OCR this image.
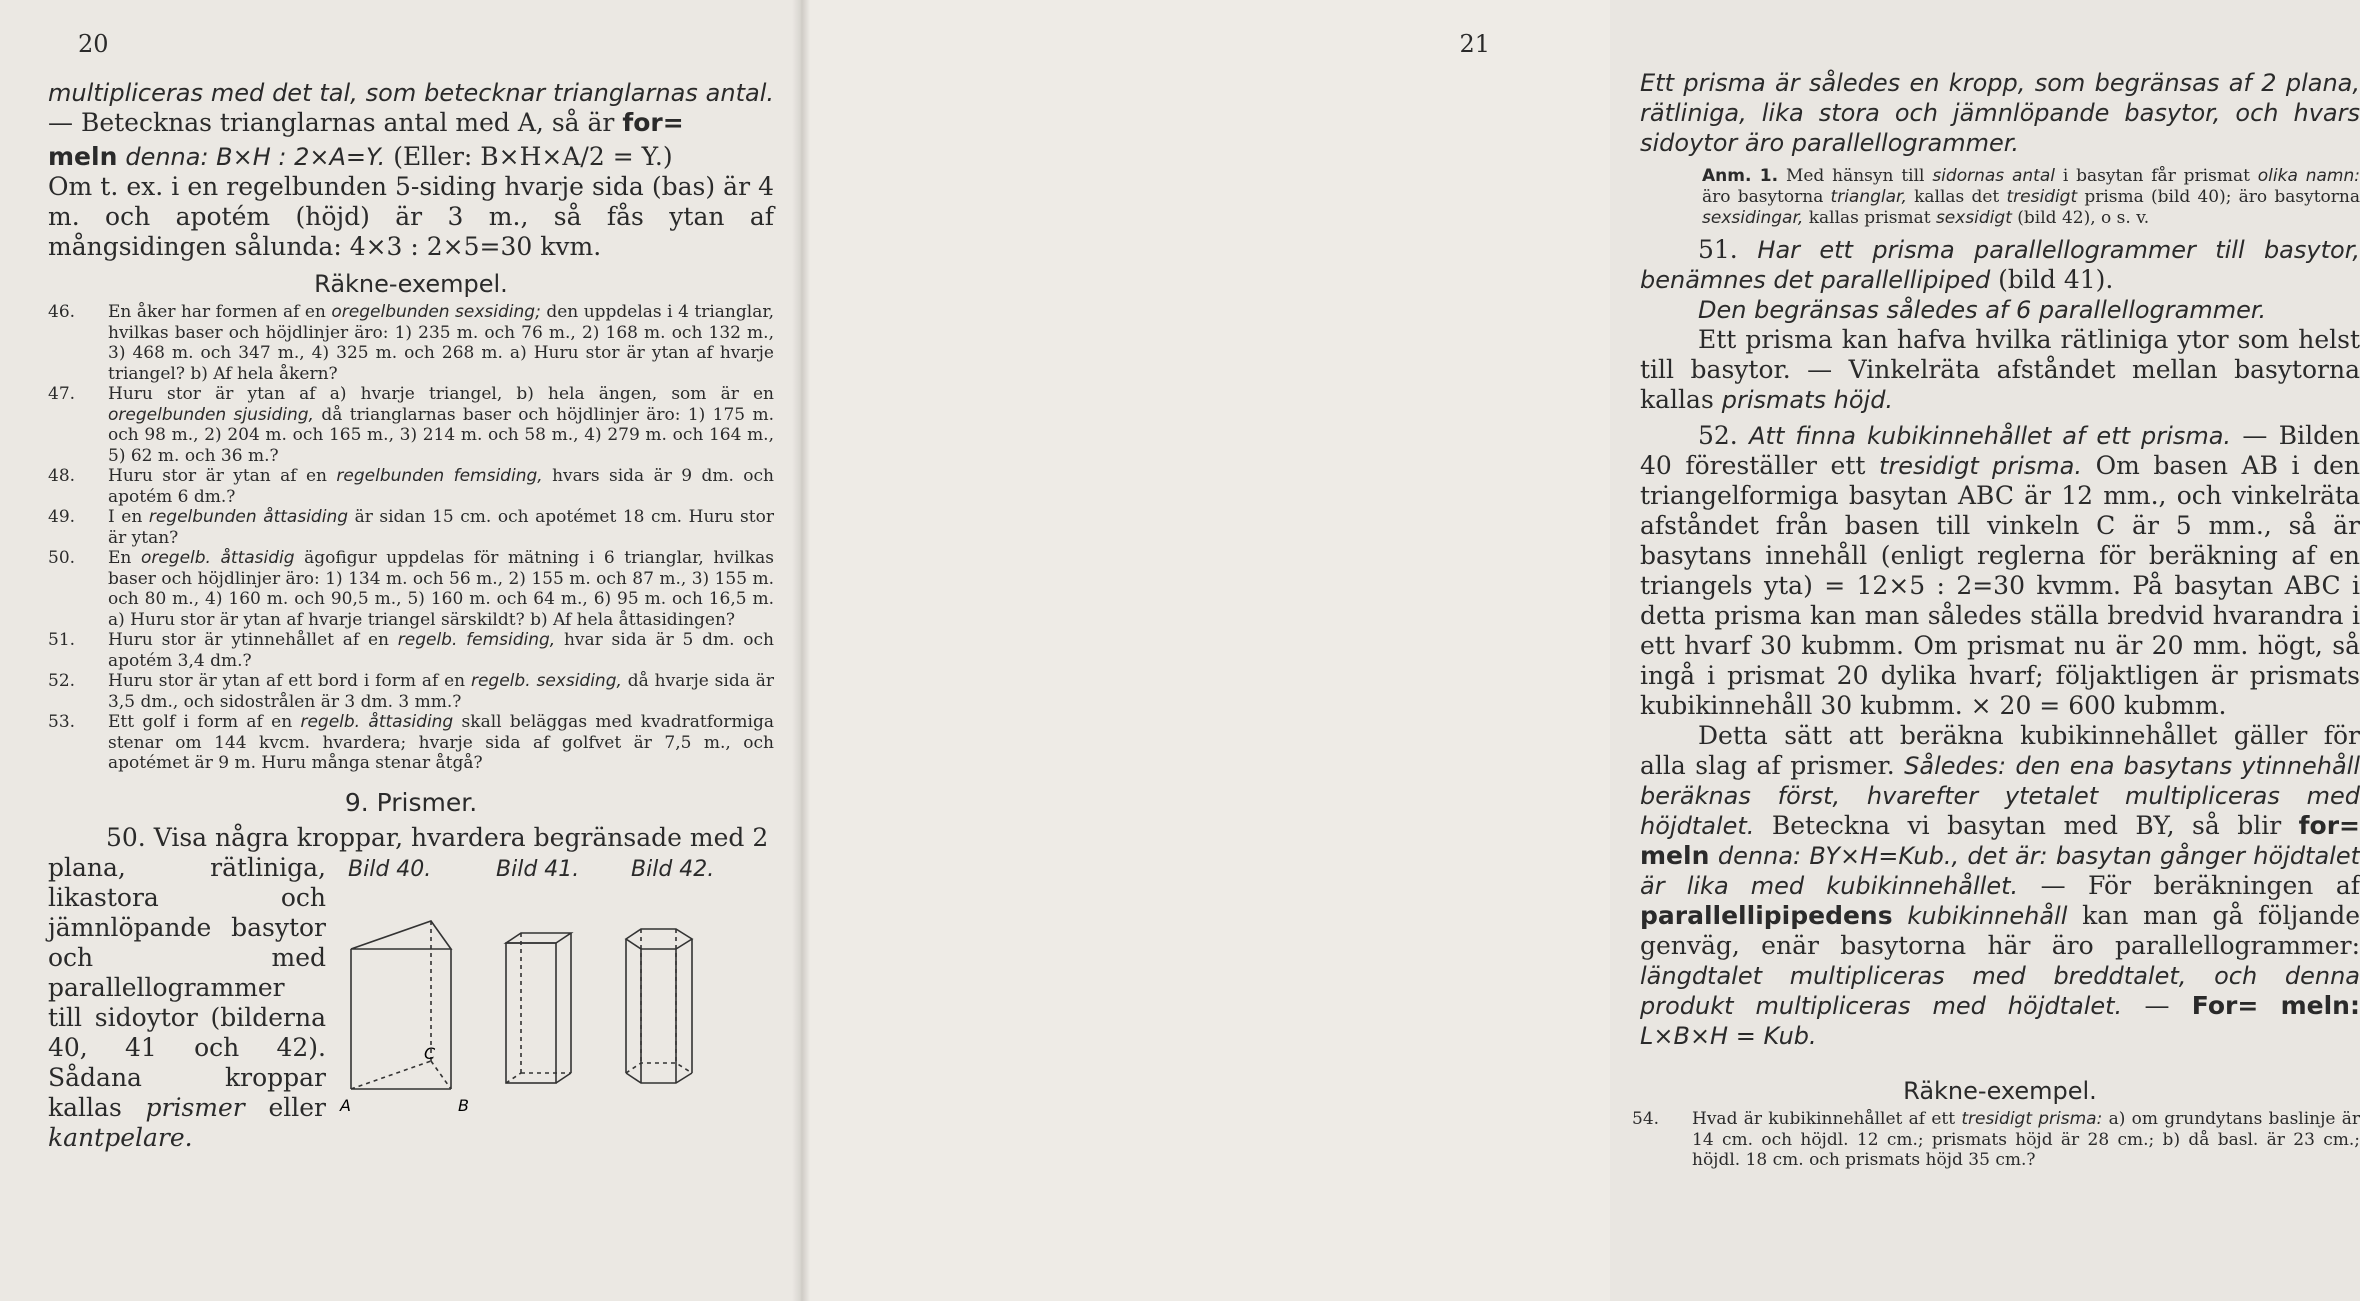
20

multipliceras med det tal, som betecknar trianglarnas antal. — Betecknas trianglarnas antal med A, så är for=

meln denna: B×H : 2×A=Y. (Eller: B×H×A/2 = Y.)

Om t. ex. i en regelbunden 5-siding hvarje sida (bas) är 4 m. och apotém (höjd) är 3 m., så fås ytan af mångsidingen sålunda: 4×3 : 2×5=30 kvm.

Räkne-exempel.
46.	En åker har formen af en oregelbunden sexsiding; den uppdelas i 4 trianglar, hvilkas baser och höjdlinjer äro: 1) 235 m. och 76 m., 2) 168 m. och 132 m., 3) 468 m. och 347 m., 4) 325 m. och 268 m. a) Huru stor är ytan af hvarje triangel? b) Af hela åkern?
47.	Huru stor är ytan af a) hvarje triangel, b) hela ängen, som är en oregelbunden sjusiding, då trianglarnas baser och höjdlinjer äro: 1) 175 m. och 98 m., 2) 204 m. och 165 m., 3) 214 m. och 58 m., 4) 279 m. och 164 m., 5) 62 m. och 36 m.?
48.	Huru stor är ytan af en regelbunden femsiding, hvars sida är 9 dm. och apotém 6 dm.?
49.	I en regelbunden åttasiding är sidan 15 cm. och apotémet 18 cm. Huru stor är ytan?
50.	En oregelb. åttasidig ägofigur uppdelas för mätning i 6 trianglar, hvilkas baser och höjdlinjer äro: 1) 134 m. och 56 m., 2) 155 m. och 87 m., 3) 155 m. och 80 m., 4) 160 m. och 90,5 m., 5) 160 m. och 64 m., 6) 95 m. och 16,5 m. a) Huru stor är ytan af hvarje triangel särskildt? b) Af hela åttasidingen?
51.	Huru stor är ytinnehållet af en regelb. femsiding, hvar sida är 5 dm. och apotém 3,4 dm.?
52.	Huru stor är ytan af ett bord i form af en regelb. sexsiding, då hvarje sida är 3,5 dm., och sidostrålen är 3 dm. 3 mm.?
53.	Ett golf i form af en regelb. åttasiding skall beläggas med kvadratformiga stenar om 144 kvcm. hvardera; hvarje sida af golfvet är 7,5 m., och apotémet är 9 m. Huru många stenar åtgå?
9. Prismer.

50. Visa några kroppar, hvardera begränsade med 2

plana, rätliniga, likastora och jämnlöpande basytor och med parallellogrammer till sidoytor (bilderna 40, 41 och 42). Sådana kroppar kallas prismer eller kantpelare.

Bild 40.	Bild 41. Bild 42.
A	B
C
21

Ett prisma är således en kropp, som begränsas af 2 plana, rätliniga, lika stora och jämnlöpande basytor, och hvars sidoytor äro parallellogrammer.

Anm. 1. Med hänsyn till sidornas antal i basytan får prismat olika namn: äro basytorna trianglar, kallas det tresidigt prisma (bild 40); äro basytorna sexsidingar, kallas prismat sexsidigt (bild 42), o s. v.

51. Har ett prisma parallellogrammer till basytor, benämnes det parallellipiped (bild 41).

Den begränsas således af 6 parallellogrammer.

Ett prisma kan hafva hvilka rätliniga ytor som helst till basytor. — Vinkelräta afståndet mellan basytorna kallas prismats höjd.

52. Att finna kubikinnehållet af ett prisma. — Bilden 40 föreställer ett tresidigt prisma. Om basen AB i den triangelformiga basytan ABC är 12 mm., och vinkelräta afståndet från basen till vinkeln C är 5 mm., så är basytans innehåll (enligt reglerna för beräkning af en triangels yta) = 12×5 : 2=30 kvmm. På basytan ABC i detta prisma kan man således ställa bredvid hvarandra i ett hvarf 30 kubmm. Om prismat nu är 20 mm. högt, så ingå i prismat 20 dylika hvarf; följaktligen är prismats kubikinnehåll 30 kubmm. × 20 = 600 kubmm.

Detta sätt att beräkna kubikinnehållet gäller för alla slag af prismer. Således: den ena basytans ytinnehåll beräknas först, hvarefter ytetalet multipliceras med höjdtalet. Beteckna vi basytan med BY, så blir for= meln denna: BY×H=Kub., det är: basytan gånger höjdtalet är lika med kubikinnehållet. — För beräkningen af parallellipipedens kubikinnehåll kan man gå följande genväg, enär basytorna här äro parallellogrammer: längdtalet multipliceras med breddtalet, och denna produkt multipliceras med höjdtalet. — For= meln: L×B×H = Kub.

Räkne-exempel.
54.	Hvad är kubikinnehållet af ett tresidigt prisma: a) om grundytans baslinje är 14 cm. och höjdl. 12 cm.; prismats höjd är 28 cm.; b) då basl. är 23 cm.; höjdl. 18 cm. och prismats höjd 35 cm.?
